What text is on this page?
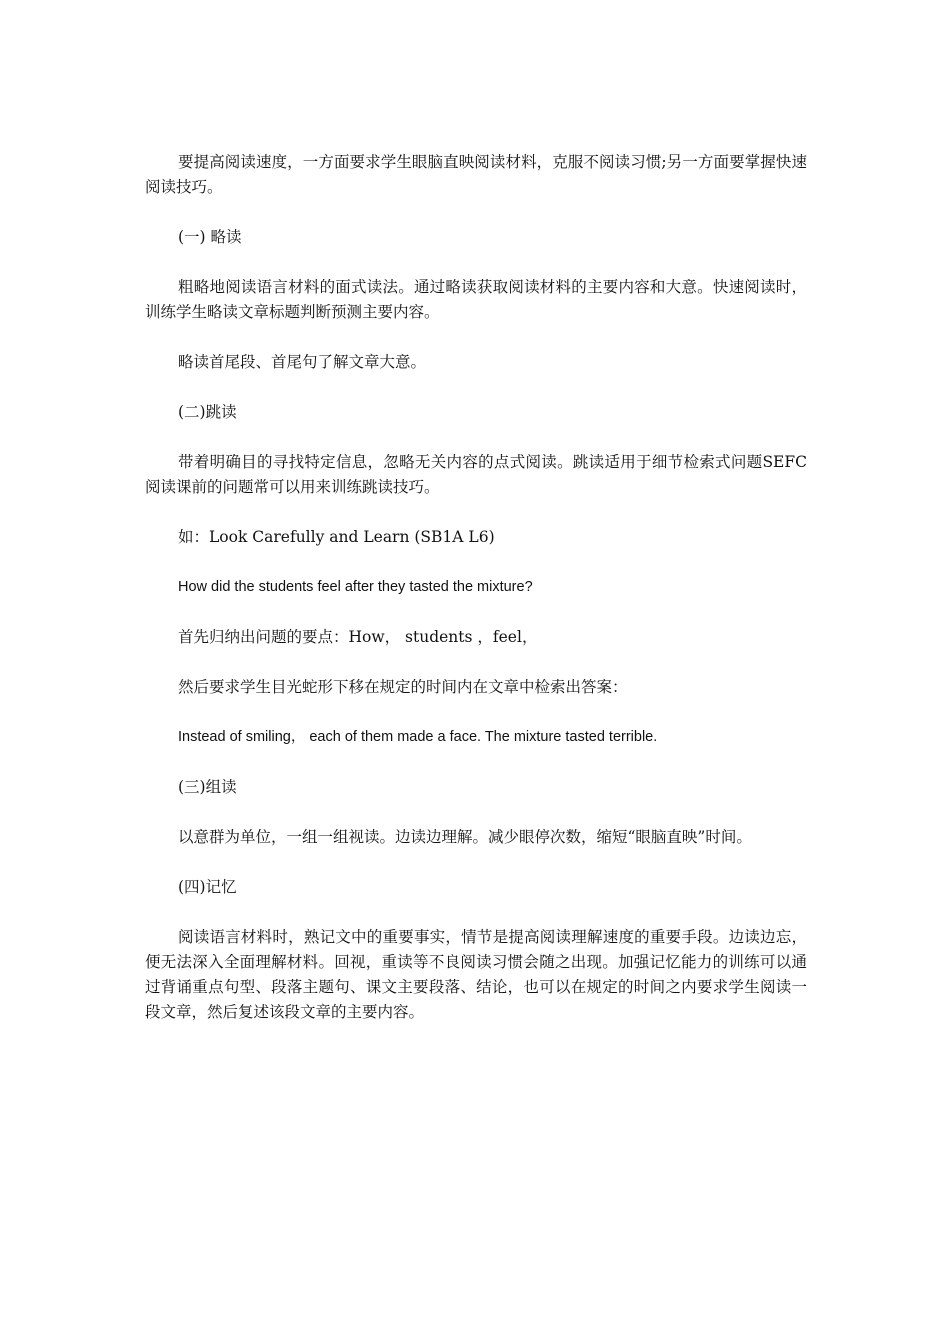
要提高阅读速度，一方面要求学生眼脑直映阅读材料，克服不阅读习惯;另一方面要掌握快速阅读技巧。

(一) 略读

粗略地阅读语言材料的面式读法。通过略读获取阅读材料的主要内容和大意。快速阅读时，训练学生略读文章标题判断预测主要内容。

略读首尾段、首尾句了解文章大意。

(二)跳读

带着明确目的寻找特定信息，忽略无关内容的点式阅读。跳读适用于细节检索式问题SEFC阅读课前的问题常可以用来训练跳读技巧。

如：Look Carefully and Learn (SB1A L6)

How did the students feel after they tasted the mixture?

首先归纳出问题的要点：How， students ，feel，

然后要求学生目光蛇形下移在规定的时间内在文章中检索出答案：

Instead of smiling， each of them made a face. The mixture tasted terrible.

(三)组读

以意群为单位，一组一组视读。边读边理解。减少眼停次数，缩短“眼脑直映”时间。

(四)记忆

阅读语言材料时，熟记文中的重要事实，情节是提高阅读理解速度的重要手段。边读边忘，便无法深入全面理解材料。回视，重读等不良阅读习惯会随之出现。加强记忆能力的训练可以通过背诵重点句型、段落主题句、课文主要段落、结论，也可以在规定的时间之内要求学生阅读一段文章，然后复述该段文章的主要内容。
